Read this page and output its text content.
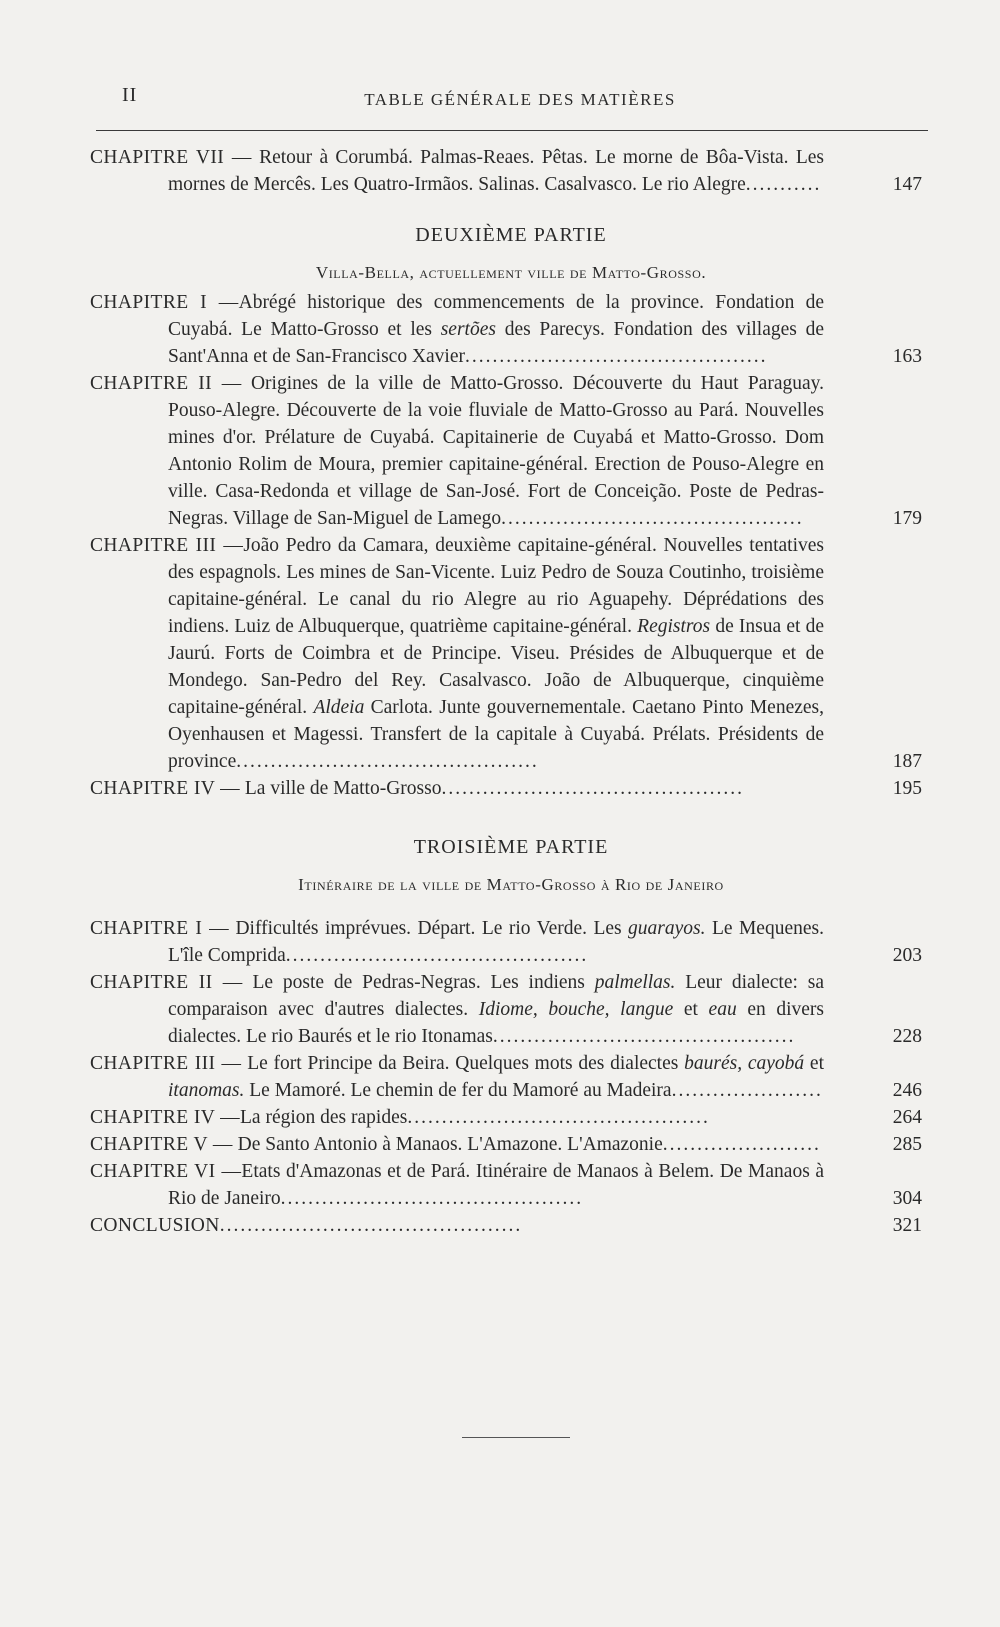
II	TABLE GÉNÉRALE DES MATIÈRES

CHAPITRE VII — Retour à Corumbá. Palmas-Reaes. Pêtas. Le morne de Bôa-Vista. Les mornes de Mercês. Les Quatro-Irmãos. Salinas. Casalvasco. Le rio Alegre...........	147
DEUXIÈME PARTIE
Villa-Bella, actuellement ville de Matto-Grosso.

CHAPITRE I —Abrégé historique des commencements de la province. Fondation de Cuyabá. Le Matto-Grosso et les sertões des Parecys. Fondation des villages de Sant'Anna et de San-Francisco Xavier............................................	163

CHAPITRE II — Origines de la ville de Matto-Grosso. Découverte du Haut Paraguay. Pouso-Alegre. Découverte de la voie fluviale de Matto-Grosso au Pará. Nouvelles mines d'or. Prélature de Cuyabá. Capitainerie de Cuyabá et Matto-Grosso. Dom Antonio Rolim de Moura, premier capitaine-général. Erection de Pouso-Alegre en ville. Casa-Redonda et village de San-José. Fort de Conceição. Poste de Pedras-Negras. Village de San-Miguel de Lamego............................................	179

CHAPITRE III —João Pedro da Camara, deuxième capitaine-général. Nouvelles tentatives des espagnols. Les mines de San-Vicente. Luiz Pedro de Souza Coutinho, troisième capitaine-général. Le canal du rio Alegre au rio Aguapehy. Déprédations des indiens. Luiz de Albuquerque, quatrième capitaine-général. Registros de Insua et de Jaurú. Forts de Coimbra et de Principe. Viseu. Présides de Albuquerque et de Mondego. San-Pedro del Rey. Casalvasco. João de Albuquerque, cinquième capitaine-général. Aldeia Carlota. Junte gouvernementale. Caetano Pinto Menezes, Oyenhausen et Magessi. Transfert de la capitale à Cuyabá. Prélats. Présidents de province............................................	187

CHAPITRE IV — La ville de Matto-Grosso............................................	195
TROISIÈME PARTIE
Itinéraire de la ville de Matto-Grosso à Rio de Janeiro

CHAPITRE I — Difficultés imprévues. Départ. Le rio Verde. Les guarayos. Le Mequenes. L'île Comprida............................................	203

CHAPITRE II — Le poste de Pedras-Negras. Les indiens palmellas. Leur dialecte: sa comparaison avec d'autres dialectes. Idiome, bouche, langue et eau en divers dialectes. Le rio Baurés et le rio Itonamas............................................	228

CHAPITRE III — Le fort Principe da Beira. Quelques mots des dialectes baurés, cayobá et itanomas. Le Mamoré. Le chemin de fer du Mamoré au Madeira......................	246

CHAPITRE IV —La région des rapides............................................	264

CHAPITRE V — De Santo Antonio à Manaos. L'Amazone. L'Amazonie.......................	285

CHAPITRE VI —Etats d'Amazonas et de Pará. Itinéraire de Manaos à Belem. De Manaos à Rio de Janeiro............................................	304

CONCLUSION............................................	321
